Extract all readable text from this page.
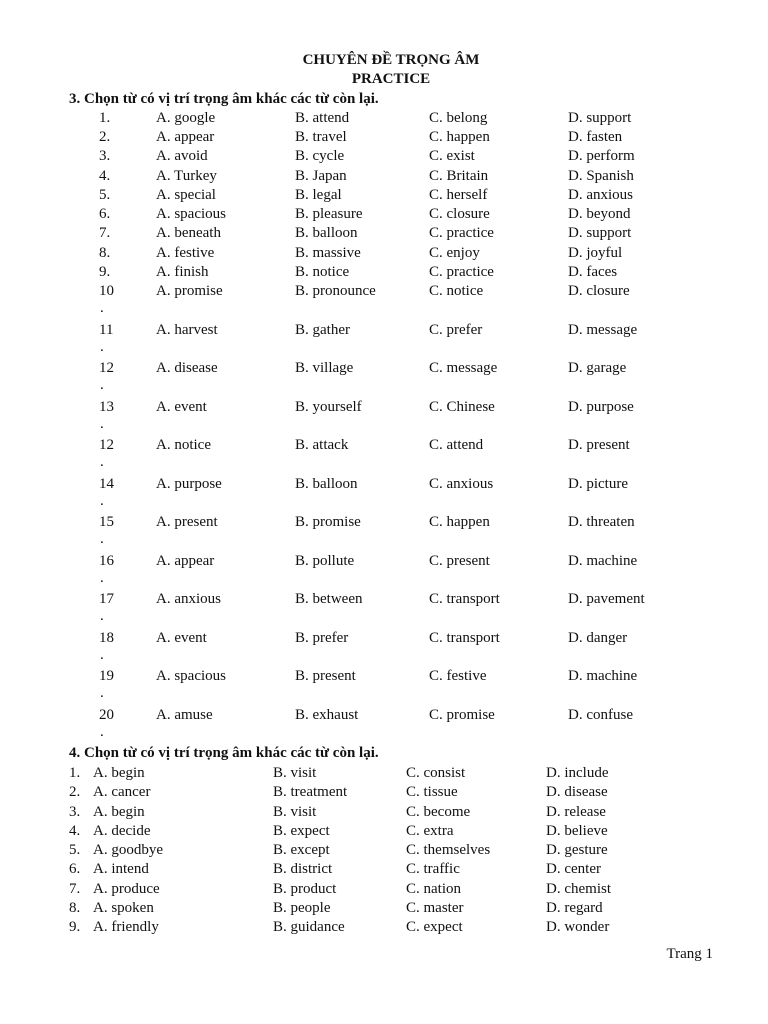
CHUYÊN ĐỀ TRỌNG ÂM
PRACTICE
3. Chọn từ có vị trí trọng âm khác các từ còn lại.
1.	A. google	B. attend	C. belong	D. support
2.	A. appear	B. travel	C. happen	D. fasten
3.	A. avoid	B. cycle	C. exist	D. perform
4.	A. Turkey	B. Japan	C. Britain	D. Spanish
5.	A. special	B. legal	C. herself	D. anxious
6.	A. spacious	B. pleasure	C. closure	D. beyond
7.	A. beneath	B. balloon	C. practice	D. support
8.	A. festive	B. massive	C. enjoy	D. joyful
9.	A. finish	B. notice	C. practice	D. faces
10	A. promise	B. pronounce	C. notice	D. closure
.
11	A. harvest	B. gather	C. prefer	D. message
.
12	A. disease	B. village	C. message	D. garage
.
13	A. event	B. yourself	C. Chinese	D. purpose
.
12	A. notice	B. attack	C. attend	D. present
.
14	A. purpose	B. balloon	C. anxious	D. picture
.
15	A. present	B. promise	C. happen	D. threaten
.
16	A. appear	B. pollute	C. present	D. machine
.
17	A. anxious	B. between	C. transport	D. pavement
.
18	A. event	B. prefer	C. transport	D. danger
.
19	A. spacious	B. present	C. festive	D. machine
.
20	A. amuse	B. exhaust	C. promise	D. confuse
.
4. Chọn từ có vị trí trọng âm khác các từ còn lại.
1. A. begin	B. visit	C. consist	D. include
2. A. cancer	B. treatment	C. tissue	D. disease
3. A. begin	B. visit	C. become	D. release
4. A. decide	B. expect	C. extra	D. believe
5. A. goodbye	B. except	C. themselves	D. gesture
6. A. intend	B. district	C. traffic	D. center
7. A. produce	B. product	C. nation	D. chemist
8. A. spoken	B. people	C. master	D. regard
9. A. friendly	B. guidance	C. expect	D. wonder
Trang 1
